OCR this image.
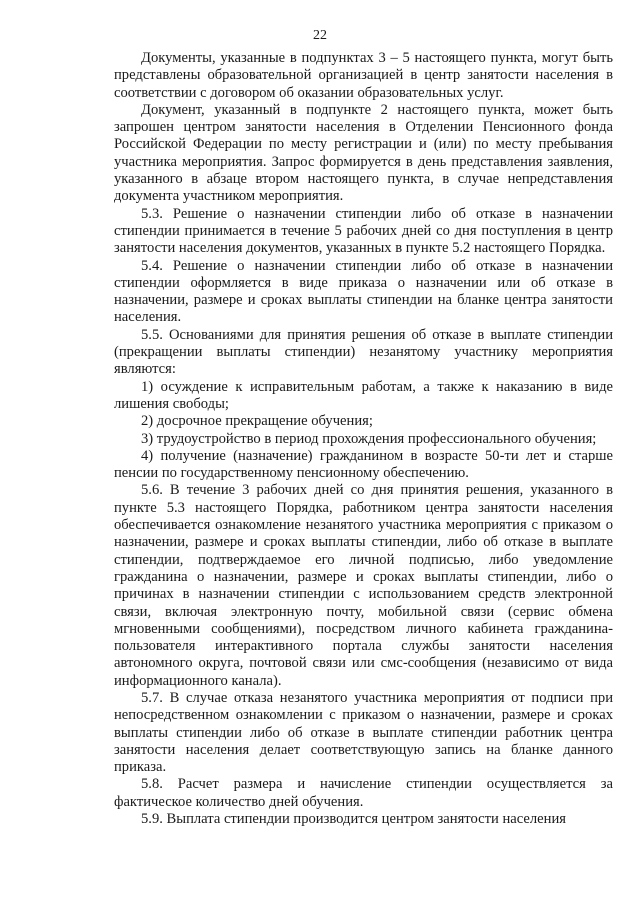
22

Документы, указанные в подпунктах 3 – 5 настоящего пункта, могут быть представлены образовательной организацией в центр занятости населения в соответствии с договором об оказании образовательных услуг.

Документ, указанный в подпункте 2 настоящего пункта, может быть запрошен центром занятости населения в Отделении Пенсионного фонда Российской Федерации по месту регистрации и (или) по месту пребывания участника мероприятия. Запрос формируется в день представления заявления, указанного в абзаце втором настоящего пункта, в случае непредставления документа участником мероприятия.

5.3. Решение о назначении стипендии либо об отказе в назначении стипендии принимается в течение 5 рабочих дней со дня поступления в центр занятости населения документов, указанных в пункте 5.2 настоящего Порядка.

5.4. Решение о назначении стипендии либо об отказе в назначении стипендии оформляется в виде приказа о назначении или об отказе в назначении, размере и сроках выплаты стипендии на бланке центра занятости населения.

5.5. Основаниями для принятия решения об отказе в выплате стипендии (прекращении выплаты стипендии) незанятому участнику мероприятия являются:

1) осуждение к исправительным работам, а также к наказанию в виде лишения свободы;

2) досрочное прекращение обучения;

3) трудоустройство в период прохождения профессионального обучения;

4) получение (назначение) гражданином в возрасте 50-ти лет и старше пенсии по государственному пенсионному обеспечению.

5.6. В течение 3 рабочих дней со дня принятия решения, указанного в пункте 5.3 настоящего Порядка, работником центра занятости населения обеспечивается ознакомление незанятого участника мероприятия с приказом о назначении, размере и сроках выплаты стипендии, либо об отказе в выплате стипендии, подтверждаемое его личной подписью, либо уведомление гражданина о назначении, размере и сроках выплаты стипендии, либо о причинах в назначении стипендии с использованием средств электронной связи, включая электронную почту, мобильной связи (сервис обмена мгновенными сообщениями), посредством личного кабинета гражданина-пользователя интерактивного портала службы занятости населения автономного округа, почтовой связи или смс-сообщения (независимо от вида информационного канала).

5.7. В случае отказа незанятого участника мероприятия от подписи при непосредственном ознакомлении с приказом о назначении, размере и сроках выплаты стипендии либо об отказе в выплате стипендии работник центра занятости населения делает соответствующую запись на бланке данного приказа.

5.8. Расчет размера и начисление стипендии осуществляется за фактическое количество дней обучения.

5.9. Выплата стипендии производится центром занятости населения
